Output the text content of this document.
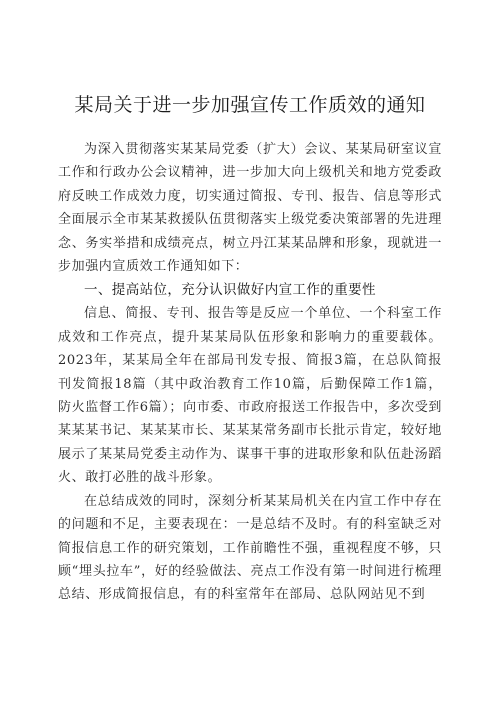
某局关于进一步加强宣传工作质效的通知

为深入贯彻落实某某局党委（扩大）会议、某某局研室议宣工作和行政办公会议精神，进一步加大向上级机关和地方党委政府反映工作成效力度，切实通过简报、专刊、报告、信息等形式全面展示全市某某救援队伍贯彻落实上级党委决策部署的先进理念、务实举措和成绩亮点，树立丹江某某品牌和形象，现就进一步加强内宣质效工作通知如下：

一、提高站位，充分认识做好内宣工作的重要性

信息、简报、专刊、报告等是反应一个单位、一个科室工作成效和工作亮点，提升某某局队伍形象和影响力的重要载体。2023年，某某局全年在部局刊发专报、简报3篇，在总队简报刊发简报18篇（其中政治教育工作10篇，后勤保障工作1篇，防火监督工作6篇）；向市委、市政府报送工作报告中，多次受到某某某书记、某某某市长、某某某常务副市长批示肯定，较好地展示了某某局党委主动作为、谋事干事的进取形象和队伍赴汤蹈火、敢打必胜的战斗形象。

在总结成效的同时，深刻分析某某局机关在内宣工作中存在的问题和不足，主要表现在：一是总结不及时。有的科室缺乏对简报信息工作的研究策划，工作前瞻性不强，重视程度不够，只顾“埋头拉车”，好的经验做法、亮点工作没有第一时间进行梳理总结、形成简报信息，有的科室常年在部局、总队网站见不到
